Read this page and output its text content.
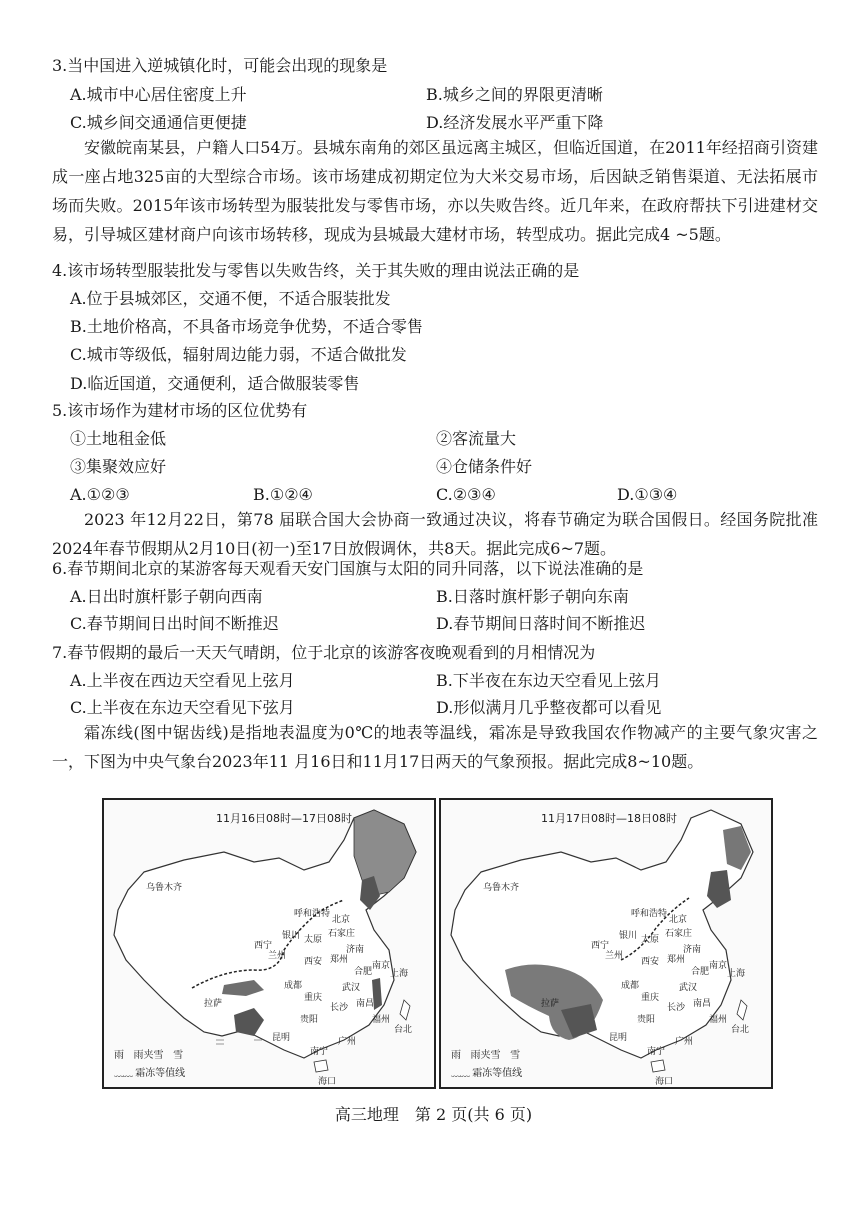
3.当中国进入逆城镇化时，可能会出现的现象是
A.城市中心居住密度上升	B.城乡之间的界限更清晰
C.城乡间交通通信更便捷	D.经济发展水平严重下降
安徽皖南某县，户籍人口54万。县城东南角的郊区虽远离主城区，但临近国道，在2011年经招商引资建成一座占地325亩的大型综合市场。该市场建成初期定位为大米交易市场，后因缺乏销售渠道、无法拓展市场而失败。2015年该市场转型为服装批发与零售市场，亦以失败告终。近几年来，在政府帮扶下引进建材交易，引导城区建材商户向该市场转移，现成为县城最大建材市场，转型成功。据此完成4 ~5题。
4.该市场转型服装批发与零售以失败告终，关于其失败的理由说法正确的是
A.位于县城郊区，交通不便，不适合服装批发
B.土地价格高，不具备市场竞争优势，不适合零售
C.城市等级低，辐射周边能力弱，不适合做批发
D.临近国道，交通便利，适合做服装零售
5.该市场作为建材市场的区位优势有
①土地租金低	②客流量大
③集聚效应好	④仓储条件好
A.①②③	B.①②④	C.②③④	D.①③④
2023 年12月22日，第78 届联合国大会协商一致通过决议，将春节确定为联合国假日。经国务院批准2024年春节假期从2月10日(初一)至17日放假调休，共8天。据此完成6~7题。
6.春节期间北京的某游客每天观看天安门国旗与太阳的同升同落，以下说法准确的是
A.日出时旗杆影子朝向西南	B.日落时旗杆影子朝向东南
C.春节期间日出时间不断推迟	D.春节期间日落时间不断推迟
7.春节假期的最后一天天气晴朗，位于北京的该游客夜晚观看到的月相情况为
A.上半夜在西边天空看见上弦月	B.下半夜在东边天空看见上弦月
C.上半夜在东边天空看见下弦月	D.形似满月几乎整夜都可以看见
霜冻线(图中锯齿线)是指地表温度为0℃的地表等温线，霜冻是导致我国农作物减产的主要气象灾害之一，下图为中央气象台2023年11 月16日和11月17日两天的气象预报。据此完成8~10题。
11月16日08时—17日08时
乌鲁木齐
呼和浩特
北京
银川 太原
石家庄
济南
西宁
兰州
西安 郑州
合肥
南京
上海
成都	武汉
拉萨
重庆
长沙 南昌
贵阳	福州
昆明	广州
南宁
台北
海口
雨 雨夹雪 雪
﹏﹏ 霜冻等值线
11月17日08时—18日08时
乌鲁木齐
呼和浩特
北京
银川 太原
石家庄
济南
西宁
兰州
西安 郑州
合肥
南京
上海
成都	武汉
拉萨
重庆
长沙 南昌
贵阳	福州
昆明	广州
南宁
台北
海口
雨 雨夹雪 雪
﹏﹏ 霜冻等值线
高三地理　第 2 页(共 6 页)
